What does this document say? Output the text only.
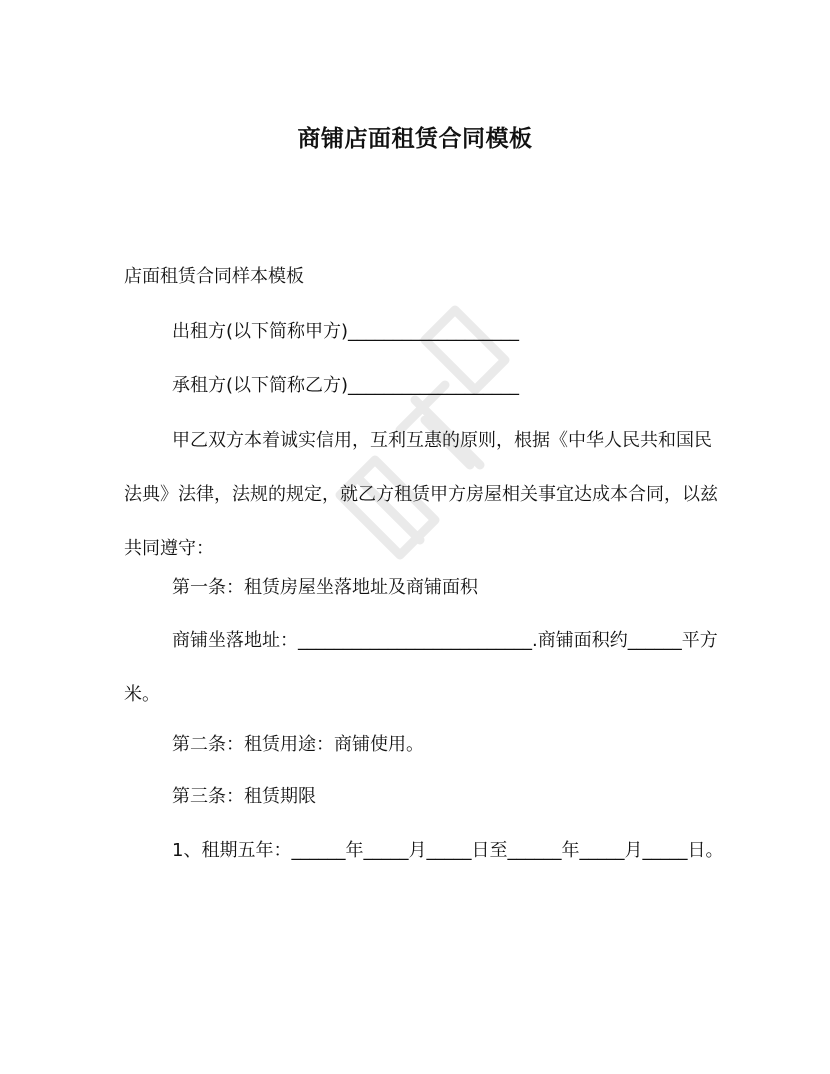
商铺店面租赁合同模板

店面租赁合同样本模板

出租方(以下简称甲方)___________________

承租方(以下简称乙方)___________________

甲乙双方本着诚实信用，互利互惠的原则，根据《中华人民共和国民法典》法律，法规的规定，就乙方租赁甲方房屋相关事宜达成本合同，以兹共同遵守：

第一条：租赁房屋坐落地址及商铺面积

商铺坐落地址：__________________________.商铺面积约______平方米。

第二条：租赁用途：商铺使用。

第三条：租赁期限

1、租期五年：______年_____月_____日至______年_____月_____日。
